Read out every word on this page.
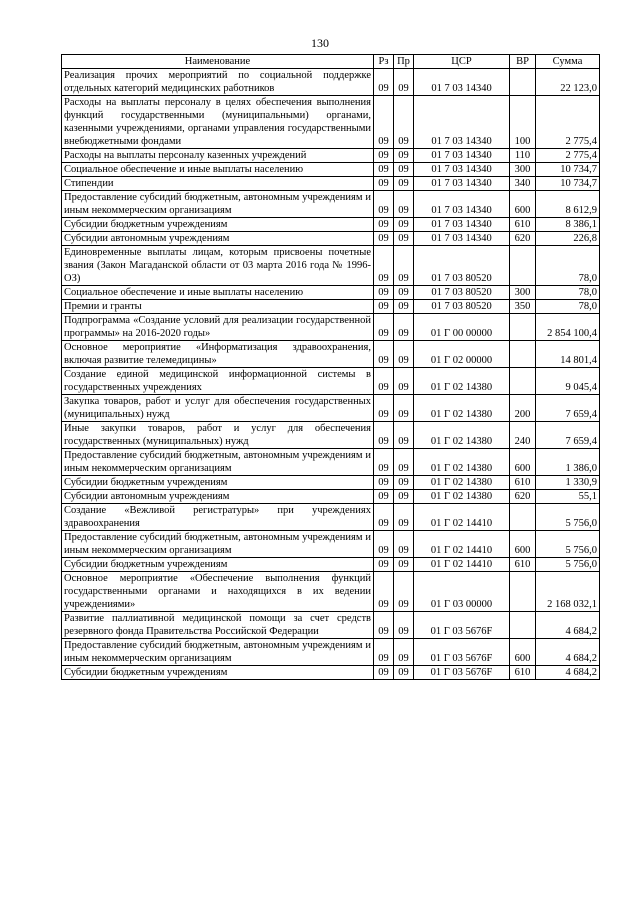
130
Наименование	Рз	Пр	ЦСР	ВР	Сумма
Реализация прочих мероприятий по социальной поддержке отдельных категорий медицинских работников	09	09	01 7 03 14340		22 123,0
Расходы на выплаты персоналу в целях обеспечения выполнения функций государственными (муниципальными) органами, казенными учреждениями, органами управления государственными внебюджетными фондами	09	09	01 7 03 14340	100	2 775,4
Расходы на выплаты персоналу казенных учреждений	09	09	01 7 03 14340	110	2 775,4
Социальное обеспечение и иные выплаты населению	09	09	01 7 03 14340	300	10 734,7
Стипендии	09	09	01 7 03 14340	340	10 734,7
Предоставление субсидий бюджетным, автономным учреждениям и иным некоммерческим организациям	09	09	01 7 03 14340	600	8 612,9
Субсидии бюджетным учреждениям	09	09	01 7 03 14340	610	8 386,1
Субсидии автономным учреждениям	09	09	01 7 03 14340	620	226,8
Единовременные выплаты лицам, которым присвоены почетные звания (Закон Магаданской области от 03 марта 2016 года № 1996-ОЗ)	09	09	01 7 03 80520		78,0
Социальное обеспечение и иные выплаты населению	09	09	01 7 03 80520	300	78,0
Премии и гранты	09	09	01 7 03 80520	350	78,0
Подпрограмма «Создание условий для реализации государственной программы» на 2016-2020 годы»	09	09	01 Г 00 00000		2 854 100,4
Основное мероприятие «Информатизация здравоохранения, включая развитие телемедицины»	09	09	01 Г 02 00000		14 801,4
Создание единой медицинской информационной системы в государственных учреждениях	09	09	01 Г 02 14380		9 045,4
Закупка товаров, работ и услуг для обеспечения государственных (муниципальных) нужд	09	09	01 Г 02 14380	200	7 659,4
Иные закупки товаров, работ и услуг для обеспечения государственных (муниципальных) нужд	09	09	01 Г 02 14380	240	7 659,4
Предоставление субсидий бюджетным, автономным учреждениям и иным некоммерческим организациям	09	09	01 Г 02 14380	600	1 386,0
Субсидии бюджетным учреждениям	09	09	01 Г 02 14380	610	1 330,9
Субсидии автономным учреждениям	09	09	01 Г 02 14380	620	55,1
Создание «Вежливой регистратуры» при учреждениях здравоохранения	09	09	01 Г 02 14410		5 756,0
Предоставление субсидий бюджетным, автономным учреждениям и иным некоммерческим организациям	09	09	01 Г 02 14410	600	5 756,0
Субсидии бюджетным учреждениям	09	09	01 Г 02 14410	610	5 756,0
Основное мероприятие «Обеспечение выполнения функций государственными органами и находящихся в их ведении учреждениями»	09	09	01 Г 03 00000		2 168 032,1
Развитие паллиативной медицинской помощи за счет средств резервного фонда Правительства Российской Федерации	09	09	01 Г 03 5676F		4 684,2
Предоставление субсидий бюджетным, автономным учреждениям и иным некоммерческим организациям	09	09	01 Г 03 5676F	600	4 684,2
Субсидии бюджетным учреждениям	09	09	01 Г 03 5676F	610	4 684,2
